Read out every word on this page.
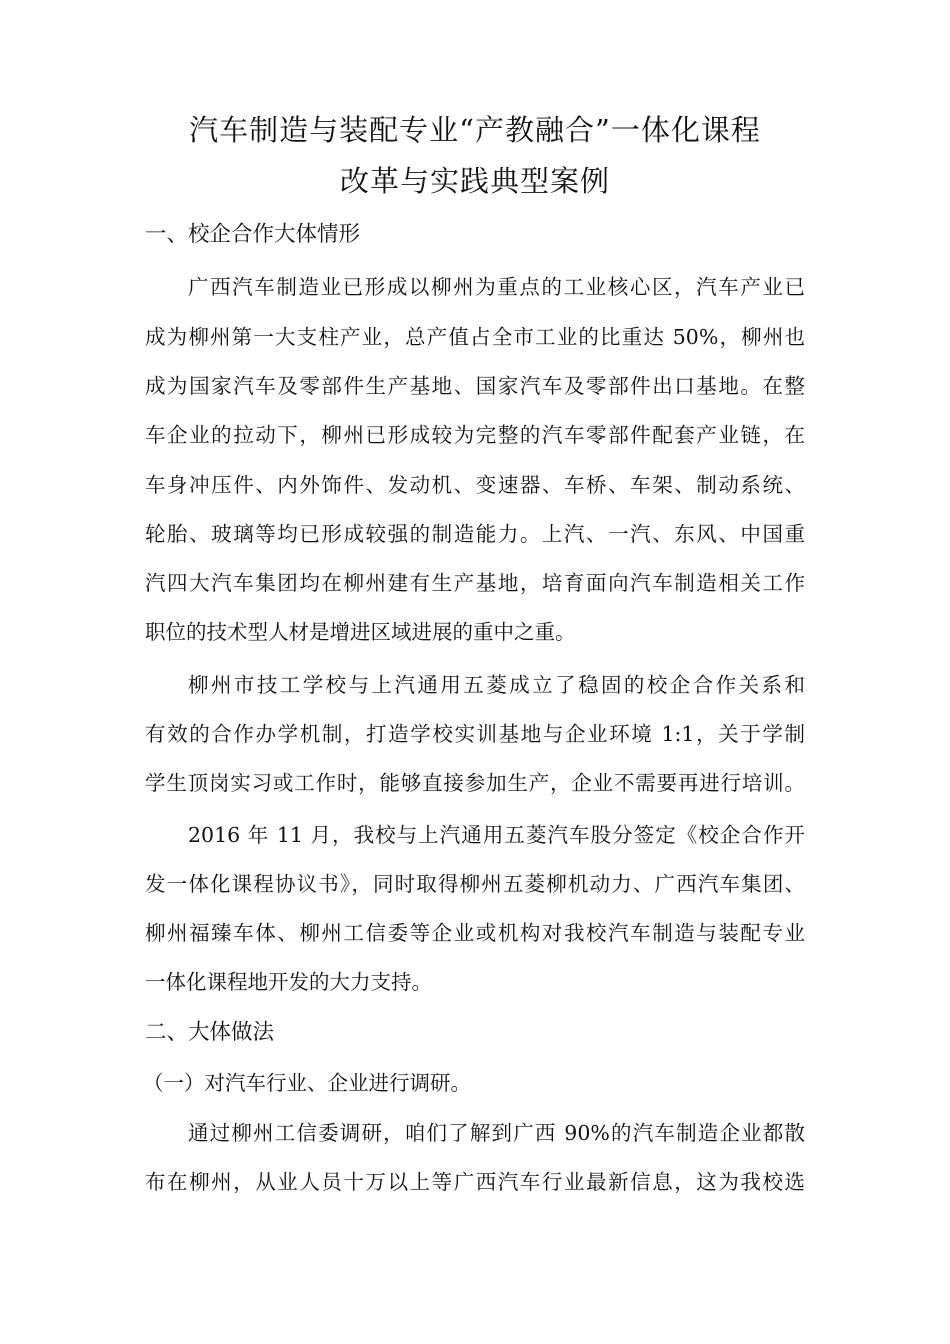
汽车制造与装配专业“产教融合”一体化课程
改革与实践典型案例
一、校企合作大体情形
广西汽车制造业已形成以柳州为重点的工业核心区，汽车产业已
成为柳州第一大支柱产业，总产值占全市工业的比重达 50%，柳州也
成为国家汽车及零部件生产基地、国家汽车及零部件出口基地。在整
车企业的拉动下，柳州已形成较为完整的汽车零部件配套产业链，在
车身冲压件、内外饰件、发动机、变速器、车桥、车架、制动系统、
轮胎、玻璃等均已形成较强的制造能力。上汽、一汽、东风、中国重
汽四大汽车集团均在柳州建有生产基地，培育面向汽车制造相关工作
职位的技术型人材是增进区域进展的重中之重。
柳州市技工学校与上汽通用五菱成立了稳固的校企合作关系和
有效的合作办学机制，打造学校实训基地与企业环境 1:1，关于学制
学生顶岗实习或工作时，能够直接参加生产，企业不需要再进行培训。
2016 年 11 月，我校与上汽通用五菱汽车股分签定《校企合作开
发一体化课程协议书》，同时取得柳州五菱柳机动力、广西汽车集团、
柳州福臻车体、柳州工信委等企业或机构对我校汽车制造与装配专业
一体化课程地开发的大力支持。
二、大体做法
（一）对汽车行业、企业进行调研。
通过柳州工信委调研，咱们了解到广西 90%的汽车制造企业都散
布在柳州，从业人员十万以上等广西汽车行业最新信息，这为我校选
